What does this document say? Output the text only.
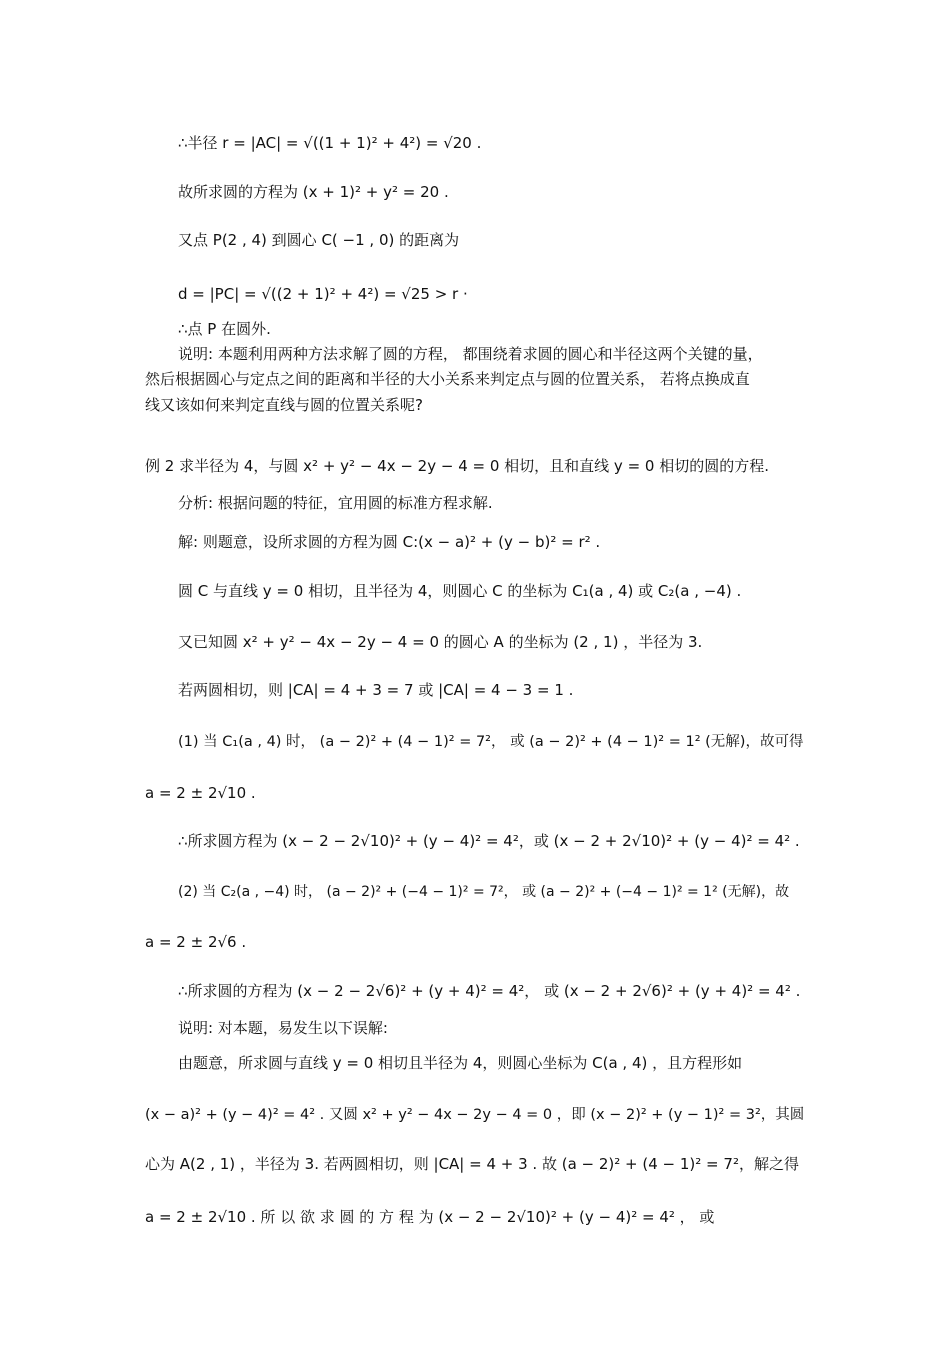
∴半径 r = |AC| = √((1 + 1)² + 4²) = √20 .
故所求圆的方程为 (x + 1)² + y² = 20 .
又点 P(2 , 4) 到圆心 C( −1 , 0) 的距离为
d = |PC| = √((2 + 1)² + 4²) = √25 > r ·
∴点 P 在圆外.
说明: 本题利用两种方法求解了圆的方程， 都围绕着求圆的圆心和半径这两个关键的量，
然后根据圆心与定点之间的距离和半径的大小关系来判定点与圆的位置关系， 若将点换成直
线又该如何来判定直线与圆的位置关系呢?
例 2 求半径为 4，与圆 x² + y² − 4x − 2y − 4 = 0 相切，且和直线 y = 0 相切的圆的方程.
分析: 根据问题的特征，宜用圆的标准方程求解.
解: 则题意，设所求圆的方程为圆 C:(x − a)² + (y − b)² = r² .
圆 C 与直线 y = 0 相切，且半径为 4，则圆心 C 的坐标为 C₁(a , 4) 或 C₂(a , −4) .
又已知圆 x² + y² − 4x − 2y − 4 = 0 的圆心 A 的坐标为 (2 , 1) ，半径为 3.
若两圆相切，则 |CA| = 4 + 3 = 7 或 |CA| = 4 − 3 = 1 .
(1) 当 C₁(a , 4) 时， (a − 2)² + (4 − 1)² = 7²， 或 (a − 2)² + (4 − 1)² = 1² (无解)，故可得
a = 2 ± 2√10 .
∴所求圆方程为 (x − 2 − 2√10)² + (y − 4)² = 4²，或 (x − 2 + 2√10)² + (y − 4)² = 4² .
(2) 当 C₂(a , −4) 时， (a − 2)² + (−4 − 1)² = 7²， 或 (a − 2)² + (−4 − 1)² = 1² (无解)，故
a = 2 ± 2√6 .
∴所求圆的方程为 (x − 2 − 2√6)² + (y + 4)² = 4²， 或 (x − 2 + 2√6)² + (y + 4)² = 4² .
说明: 对本题，易发生以下误解:
由题意，所求圆与直线 y = 0 相切且半径为 4，则圆心坐标为 C(a , 4) ，且方程形如
(x − a)² + (y − 4)² = 4² . 又圆 x² + y² − 4x − 2y − 4 = 0 ，即 (x − 2)² + (y − 1)² = 3²，其圆
心为 A(2 , 1) ，半径为 3. 若两圆相切，则 |CA| = 4 + 3 . 故 (a − 2)² + (4 − 1)² = 7²，解之得
a = 2 ± 2√10 . 所 以 欲 求 圆 的 方 程 为 (x − 2 − 2√10)² + (y − 4)² = 4² ， 或
